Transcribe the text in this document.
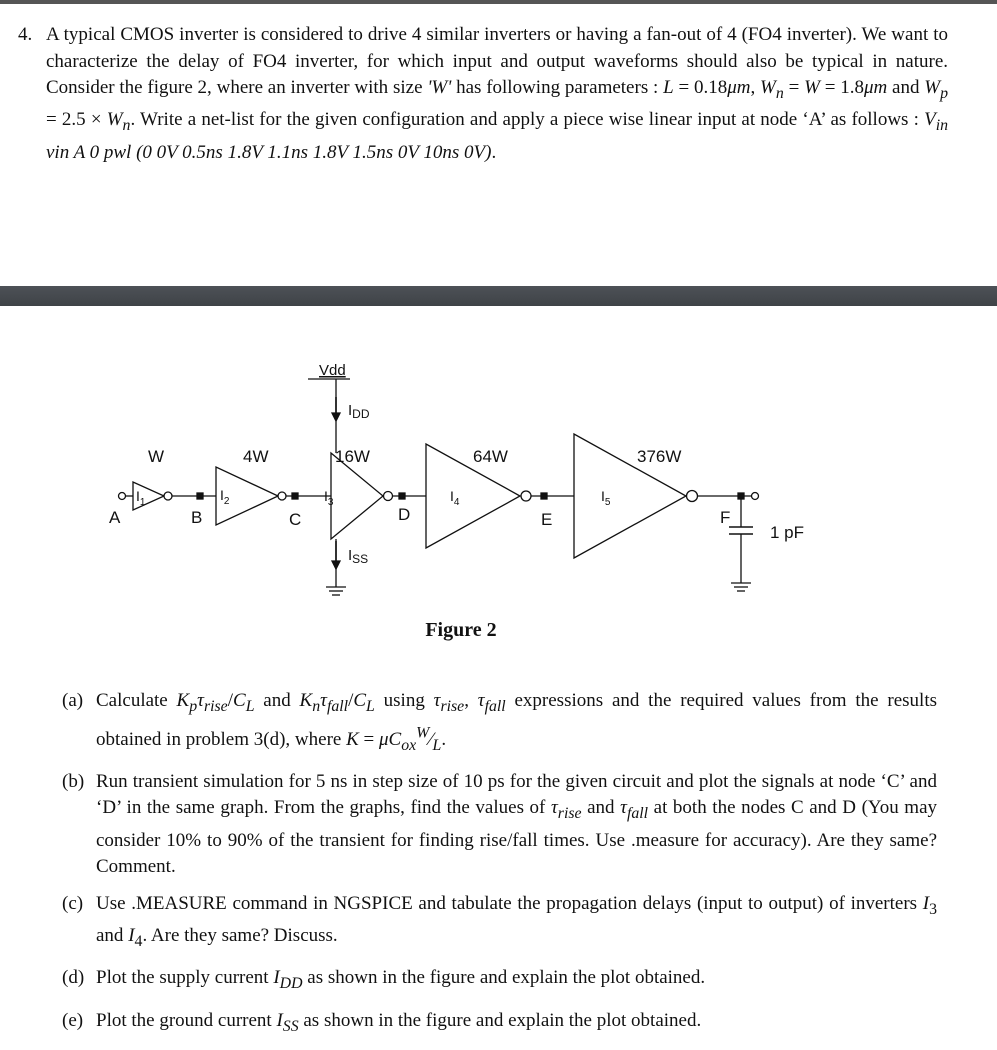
4. A typical CMOS inverter is considered to drive 4 similar inverters or having a fan-out of 4 (FO4 inverter). We want to characterize the delay of FO4 inverter, for which input and output waveforms should also be typical in nature. Consider the figure 2, where an inverter with size 'W' has following parameters : L = 0.18μm, $W_n = W = 1.8\mu m$ and $W_p = 2.5 \times W_n$. Write a net-list for the given configuration and apply a piece wise linear input at node ‘A’ as follows : $V_{in}$ vin A 0 pwl (0 0V 0.5ns 1.8V 1.1ns 1.8V 1.5ns 0V 10ns 0V).
A	B	C	D	E	F
W	4W	16W	64W	376W
$I_1$	$I_2$	$I_3$	$I_4$	$I_5$
Vdd
$I_{DD}$
$I_{SS}$
1 pF
Figure 2
(a) Calculate $K_p\tau_{rise}/C_L$ and $K_n\tau_{fall}/C_L$ using $\tau_{rise}$, $\tau_{fall}$ expressions and the required values from the results obtained in problem 3(d), where $K = \mu C_{ox}^W⁄_L$.
(b) Run transient simulation for 5 ns in step size of 10 ps for the given circuit and plot the signals at node ‘C’ and ‘D’ in the same graph. From the graphs, find the values of $\tau_{rise}$ and $\tau_{fall}$ at both the nodes C and D (You may consider 10% to 90% of the transient for finding rise/fall times. Use .measure for accuracy). Are they same? Comment.
(c) Use .MEASURE command in NGSPICE and tabulate the propagation delays (input to output) of inverters $I_3$ and $I_4$. Are they same? Discuss.
(d) Plot the supply current $I_{DD}$ as shown in the figure and explain the plot obtained.
(e) Plot the ground current $I_{SS}$ as shown in the figure and explain the plot obtained.
